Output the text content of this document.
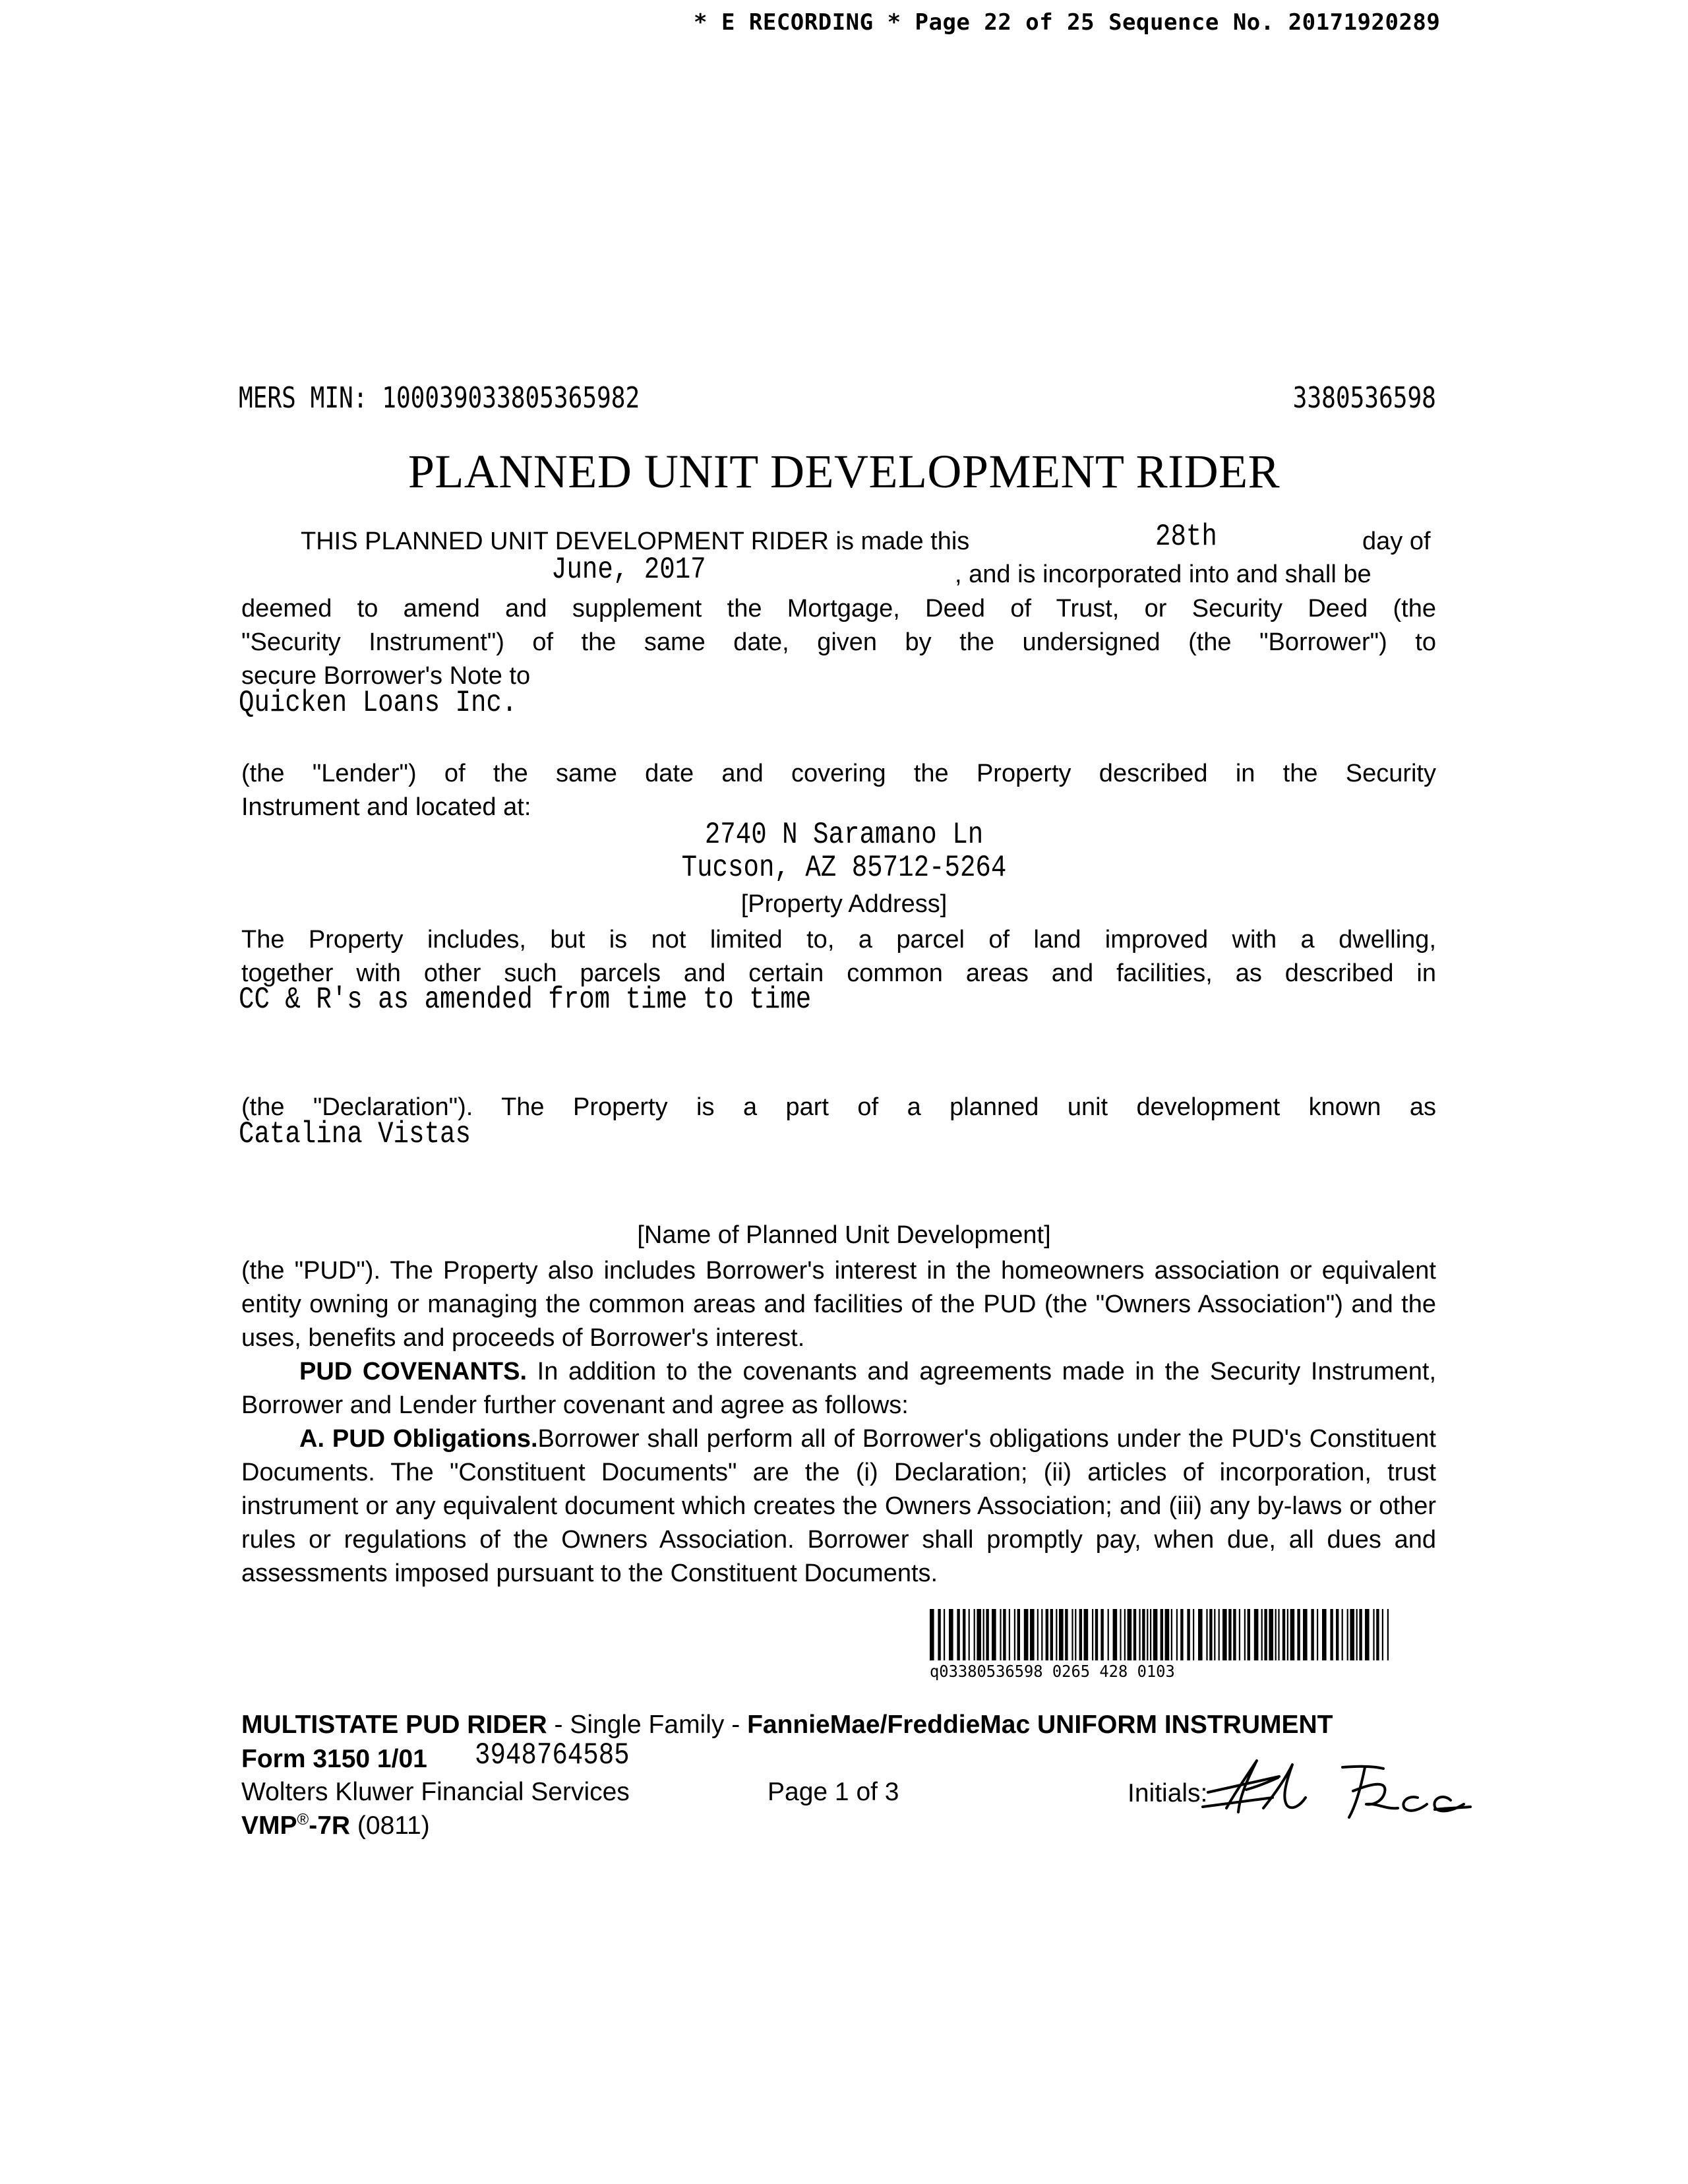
* E RECORDING * Page 22 of 25 Sequence No. 20171920289
MERS MIN: 100039033805365982	3380536598
PLANNED UNIT DEVELOPMENT RIDER
THIS PLANNED UNIT DEVELOPMENT RIDER is made this	28th	day of
June, 2017	, and is incorporated into and shall be
deemed to amend and supplement the Mortgage, Deed of Trust, or Security Deed (the
"Security Instrument") of the same date, given by the undersigned (the "Borrower") to
secure Borrower's Note to
Quicken Loans Inc.
(the "Lender") of the same date and covering the Property described in the Security
Instrument and located at:
2740 N Saramano Ln
Tucson, AZ 85712-5264
[Property Address]
The Property includes, but is not limited to, a parcel of land improved with a dwelling,
together with other such parcels and certain common areas and facilities, as described in
CC & R's as amended from time to time
(the "Declaration"). The Property is a part of a planned unit development known as
Catalina Vistas
[Name of Planned Unit Development]
(the "PUD"). The Property also includes Borrower's interest in the homeowners association or equivalent entity owning or managing the common areas and facilities of the PUD (the "Owners Association") and the uses, benefits and proceeds of Borrower's interest.
PUD COVENANTS. In addition to the covenants and agreements made in the Security Instrument, Borrower and Lender further covenant and agree as follows:
A. PUD Obligations.Borrower shall perform all of Borrower's obligations under the PUD's Constituent Documents. The "Constituent Documents" are the (i) Declaration; (ii) articles of incorporation, trust instrument or any equivalent document which creates the Owners Association; and (iii) any by-laws or other rules or regulations of the Owners Association. Borrower shall promptly pay, when due, all dues and assessments imposed pursuant to the Constituent Documents.
q03380536598 0265 428 0103
MULTISTATE PUD RIDER - Single Family - FannieMae/FreddieMac UNIFORM INSTRUMENT
Form 3150 1/01 3948764585
Wolters Kluwer Financial Services	Page 1 of 3
VMP®-7R (0811)
Initials:
